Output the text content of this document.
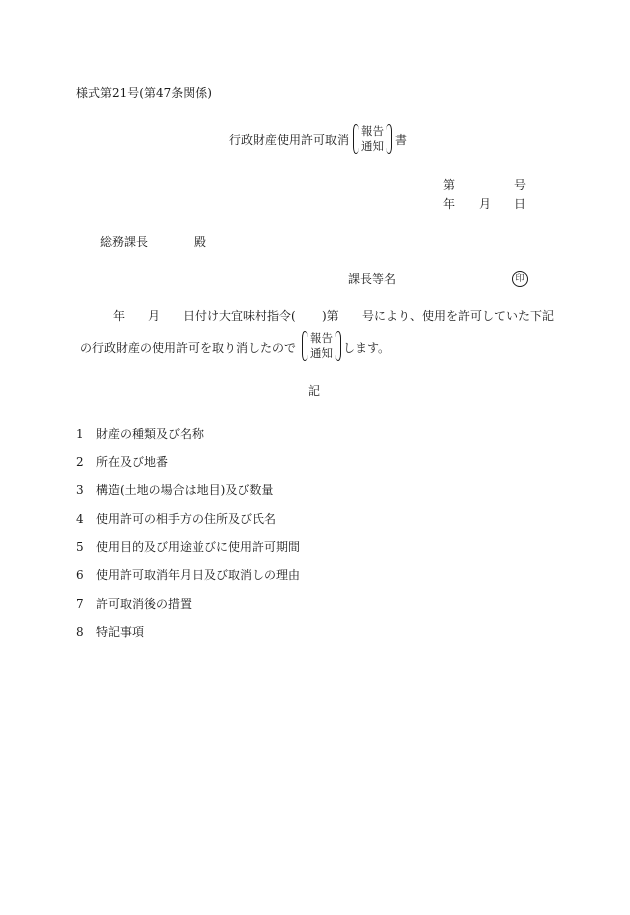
様式第21号(第47条関係)
行政財産使用許可取消
報告
通知 書
第	号
年 月 日
総務課長	殿
課長等名	印
年 月 日付け大宜味村指令( )第 号により、使用を許可していた下記
の行政財産の使用許可を取り消したので
報告
通知 します。
記
1 財産の種類及び名称
2 所在及び地番
3 構造(土地の場合は地目)及び数量
4 使用許可の相手方の住所及び氏名
5 使用目的及び用途並びに使用許可期間
6 使用許可取消年月日及び取消しの理由
7 許可取消後の措置
8 特記事項
